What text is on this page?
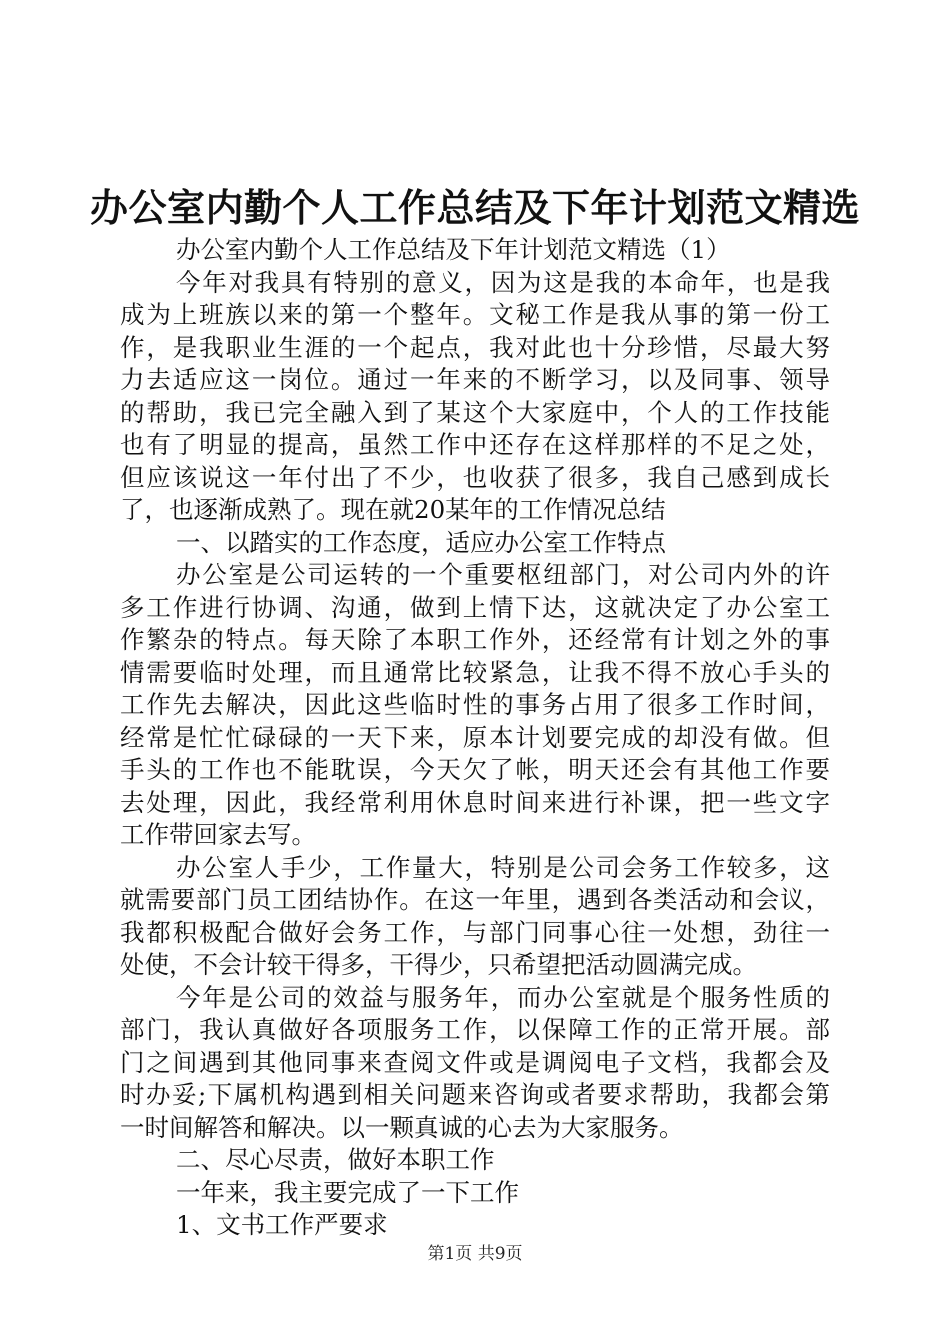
办公室内勤个人工作总结及下年计划范文精选
办公室内勤个人工作总结及下年计划范文精选（1）
今年对我具有特别的意义，因为这是我的本命年，也是我
成为上班族以来的第一个整年。文秘工作是我从事的第一份工
作，是我职业生涯的一个起点，我对此也十分珍惜，尽最大努
力去适应这一岗位。通过一年来的不断学习，以及同事、领导
的帮助，我已完全融入到了某这个大家庭中，个人的工作技能
也有了明显的提高，虽然工作中还存在这样那样的不足之处，
但应该说这一年付出了不少，也收获了很多，我自己感到成长
了，也逐渐成熟了。现在就20某年的工作情况总结
一、以踏实的工作态度，适应办公室工作特点
办公室是公司运转的一个重要枢纽部门，对公司内外的许
多工作进行协调、沟通，做到上情下达，这就决定了办公室工
作繁杂的特点。每天除了本职工作外，还经常有计划之外的事
情需要临时处理，而且通常比较紧急，让我不得不放心手头的
工作先去解决，因此这些临时性的事务占用了很多工作时间，
经常是忙忙碌碌的一天下来，原本计划要完成的却没有做。但
手头的工作也不能耽误，今天欠了帐，明天还会有其他工作要
去处理，因此，我经常利用休息时间来进行补课，把一些文字
工作带回家去写。
办公室人手少，工作量大，特别是公司会务工作较多，这
就需要部门员工团结协作。在这一年里，遇到各类活动和会议，
我都积极配合做好会务工作，与部门同事心往一处想，劲往一
处使，不会计较干得多，干得少，只希望把活动圆满完成。
今年是公司的效益与服务年，而办公室就是个服务性质的
部门，我认真做好各项服务工作，以保障工作的正常开展。部
门之间遇到其他同事来查阅文件或是调阅电子文档，我都会及
时办妥;下属机构遇到相关问题来咨询或者要求帮助，我都会第
一时间解答和解决。以一颗真诚的心去为大家服务。
二、尽心尽责，做好本职工作
一年来，我主要完成了一下工作
1、文书工作严要求
第1页 共9页
